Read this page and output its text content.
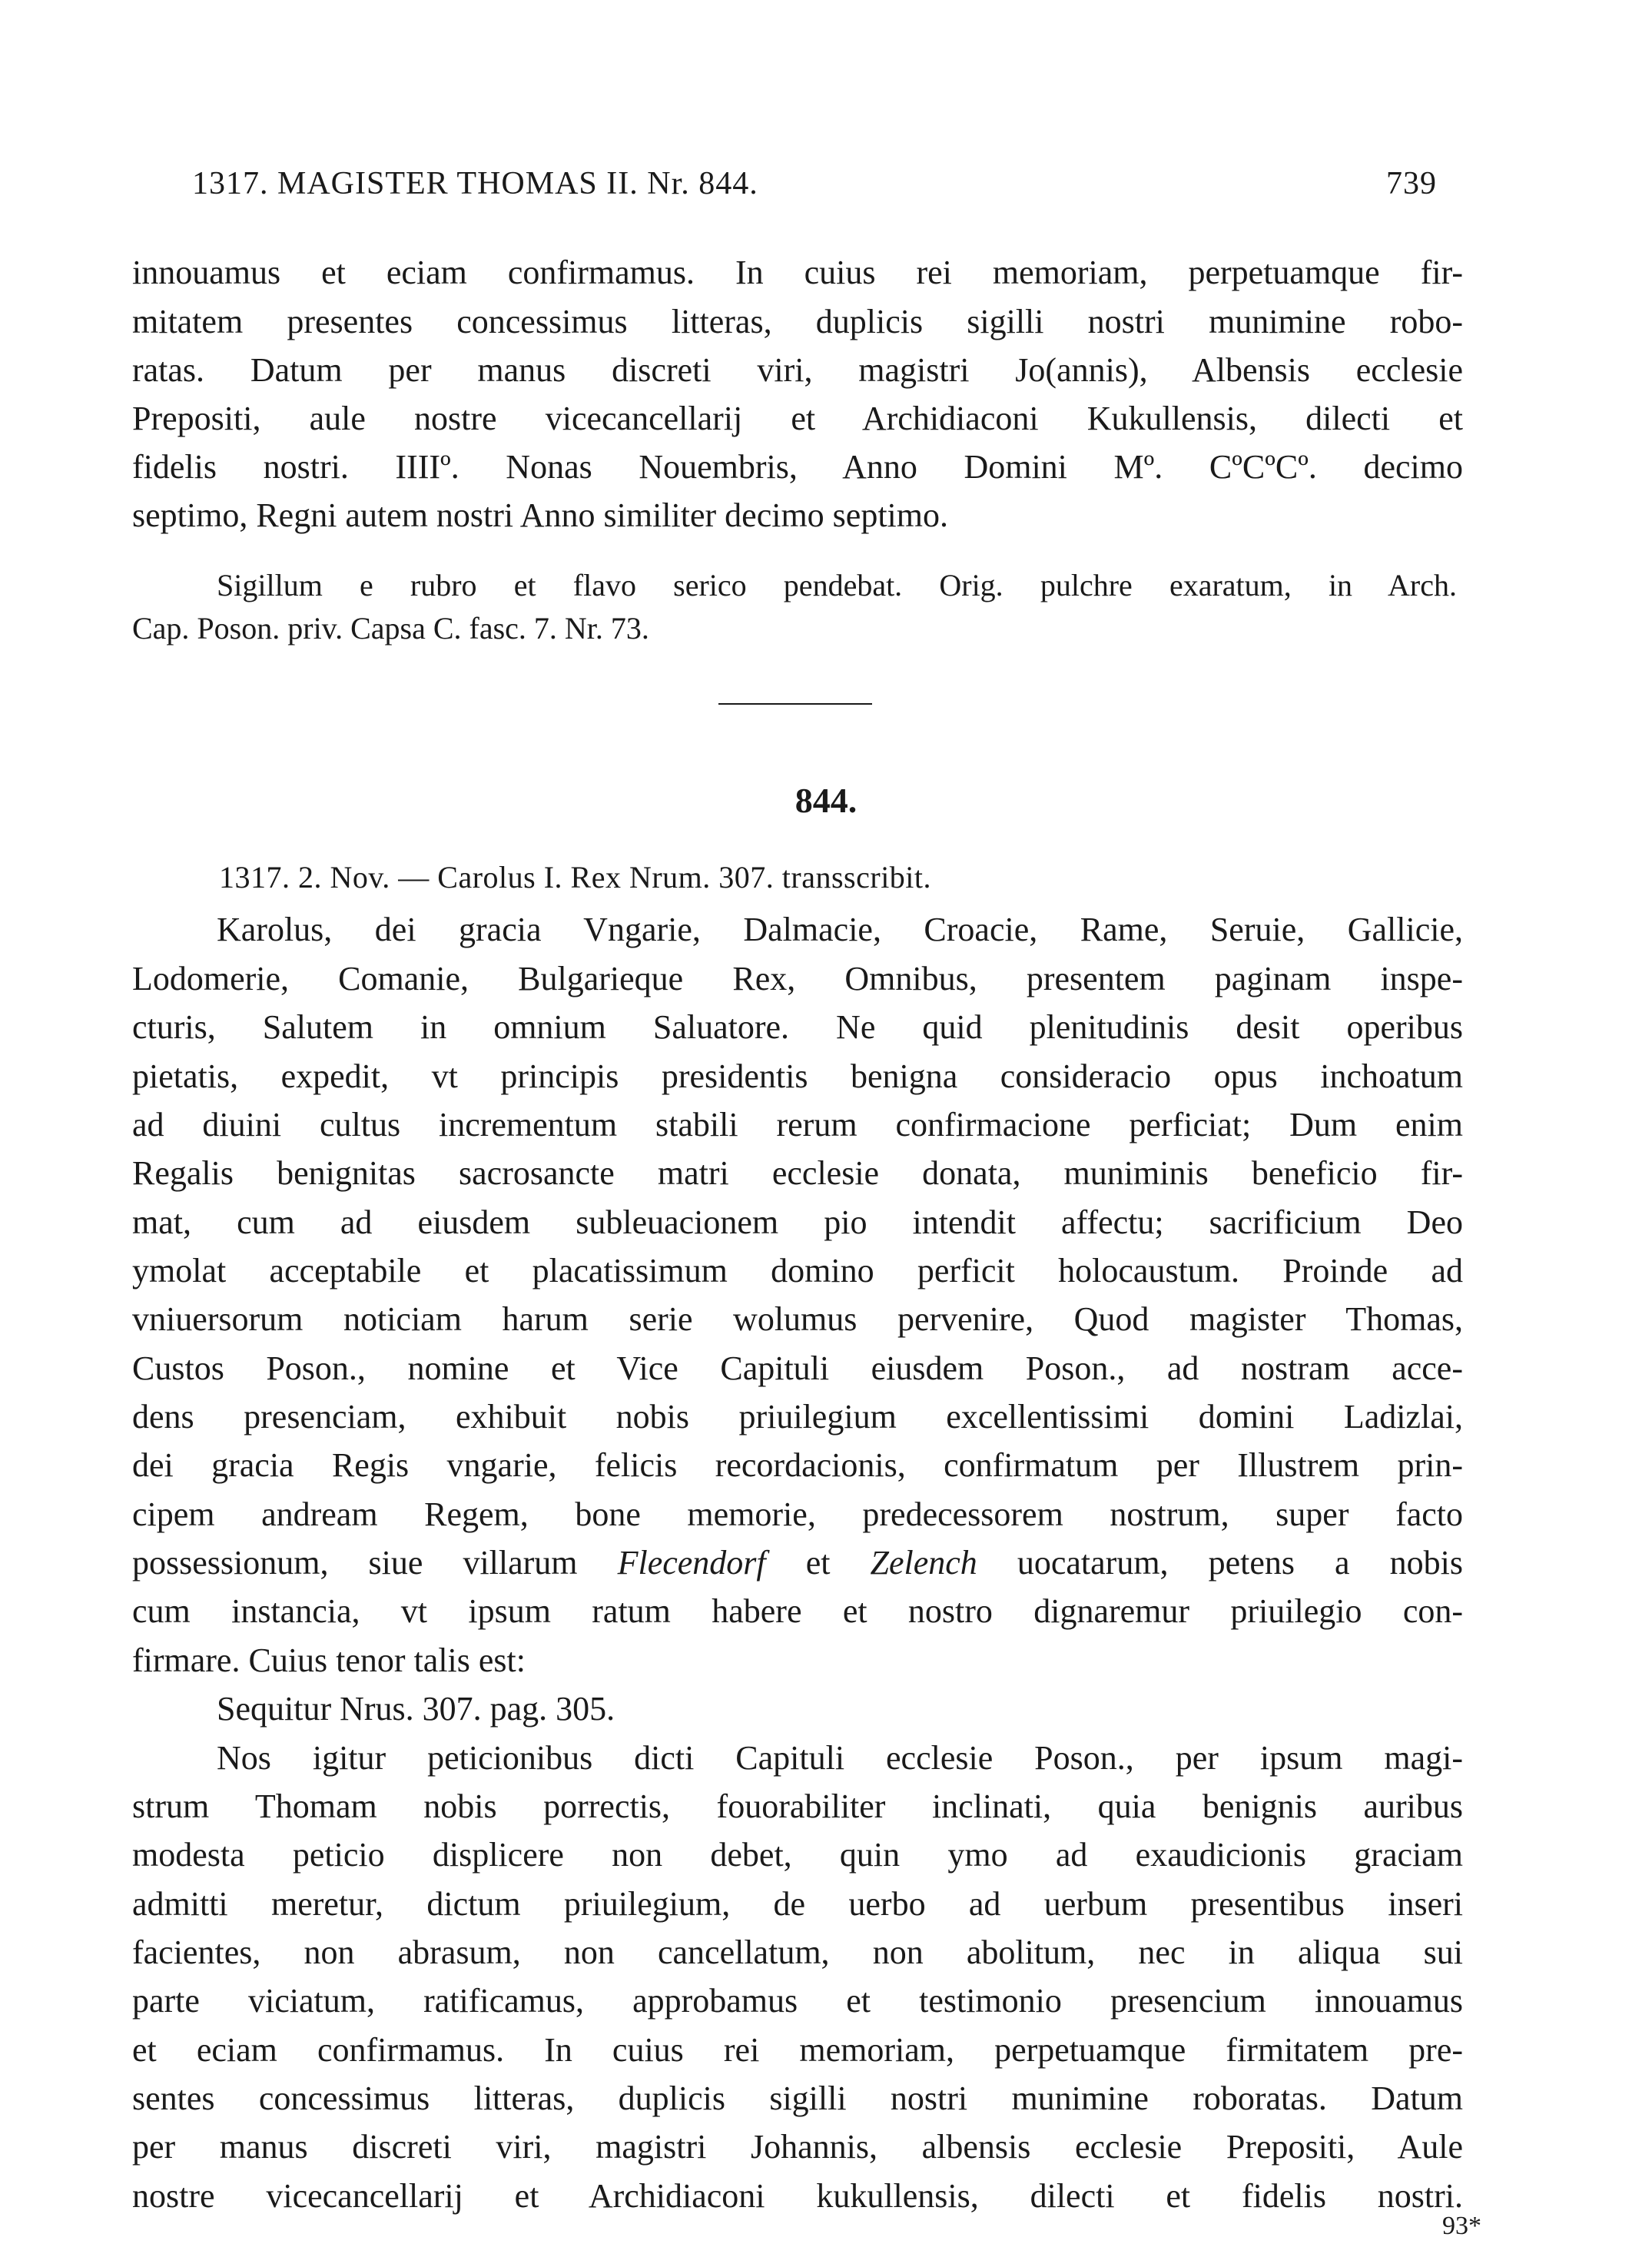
1317. MAGISTER THOMAS II. Nr. 844.	739
innouamus et eciam confirmamus. In cuius rei memoriam, perpetuamque fir-
mitatem presentes concessimus litteras, duplicis sigilli nostri munimine robo-
ratas. Datum per manus discreti viri, magistri Jo(annis), Albensis ecclesie
Prepositi, aule nostre vicecancellarij et Archidiaconi Kukullensis, dilecti et
fidelis nostri. IIIIº. Nonas Nouembris, Anno Domini Mº. CºCºCº. decimo
septimo, Regni autem nostri Anno similiter decimo septimo.
Sigillum e rubro et flavo serico pendebat. Orig. pulchre exaratum, in Arch.
Cap. Poson. priv. Capsa C. fasc. 7. Nr. 73.
844.
1317. 2. Nov. — Carolus I. Rex Nrum. 307. transscribit.
Karolus, dei gracia Vngarie, Dalmacie, Croacie, Rame, Seruie, Gallicie,
Lodomerie, Comanie, Bulgarieque Rex, Omnibus, presentem paginam inspe-
cturis, Salutem in omnium Saluatore. Ne quid plenitudinis desit operibus
pietatis, expedit, vt principis presidentis benigna consideracio opus inchoatum
ad diuini cultus incrementum stabili rerum confirmacione perficiat; Dum enim
Regalis benignitas sacrosancte matri ecclesie donata, muniminis beneficio fir-
mat, cum ad eiusdem subleuacionem pio intendit affectu; sacrificium Deo
ymolat acceptabile et placatissimum domino perficit holocaustum. Proinde ad
vniuersorum noticiam harum serie wolumus pervenire, Quod magister Thomas,
Custos Poson., nomine et Vice Capituli eiusdem Poson., ad nostram acce-
dens presenciam, exhibuit nobis priuilegium excellentissimi domini Ladizlai,
dei gracia Regis vngarie, felicis recordacionis, confirmatum per Illustrem prin-
cipem andream Regem, bone memorie, predecessorem nostrum, super facto
possessionum, siue villarum Flecendorf et Zelench uocatarum, petens a nobis
cum instancia, vt ipsum ratum habere et nostro dignaremur priuilegio con-
firmare. Cuius tenor talis est:
Sequitur Nrus. 307. pag. 305.
Nos igitur peticionibus dicti Capituli ecclesie Poson., per ipsum magi-
strum Thomam nobis porrectis, fouorabiliter inclinati, quia benignis auribus
modesta peticio displicere non debet, quin ymo ad exaudicionis graciam
admitti meretur, dictum priuilegium, de uerbo ad uerbum presentibus inseri
facientes, non abrasum, non cancellatum, non abolitum, nec in aliqua sui
parte viciatum, ratificamus, approbamus et testimonio presencium innouamus
et eciam confirmamus. In cuius rei memoriam, perpetuamque firmitatem pre-
sentes concessimus litteras, duplicis sigilli nostri munimine roboratas. Datum
per manus discreti viri, magistri Johannis, albensis ecclesie Prepositi, Aule
nostre vicecancellarij et Archidiaconi kukullensis, dilecti et fidelis nostri.
93*
